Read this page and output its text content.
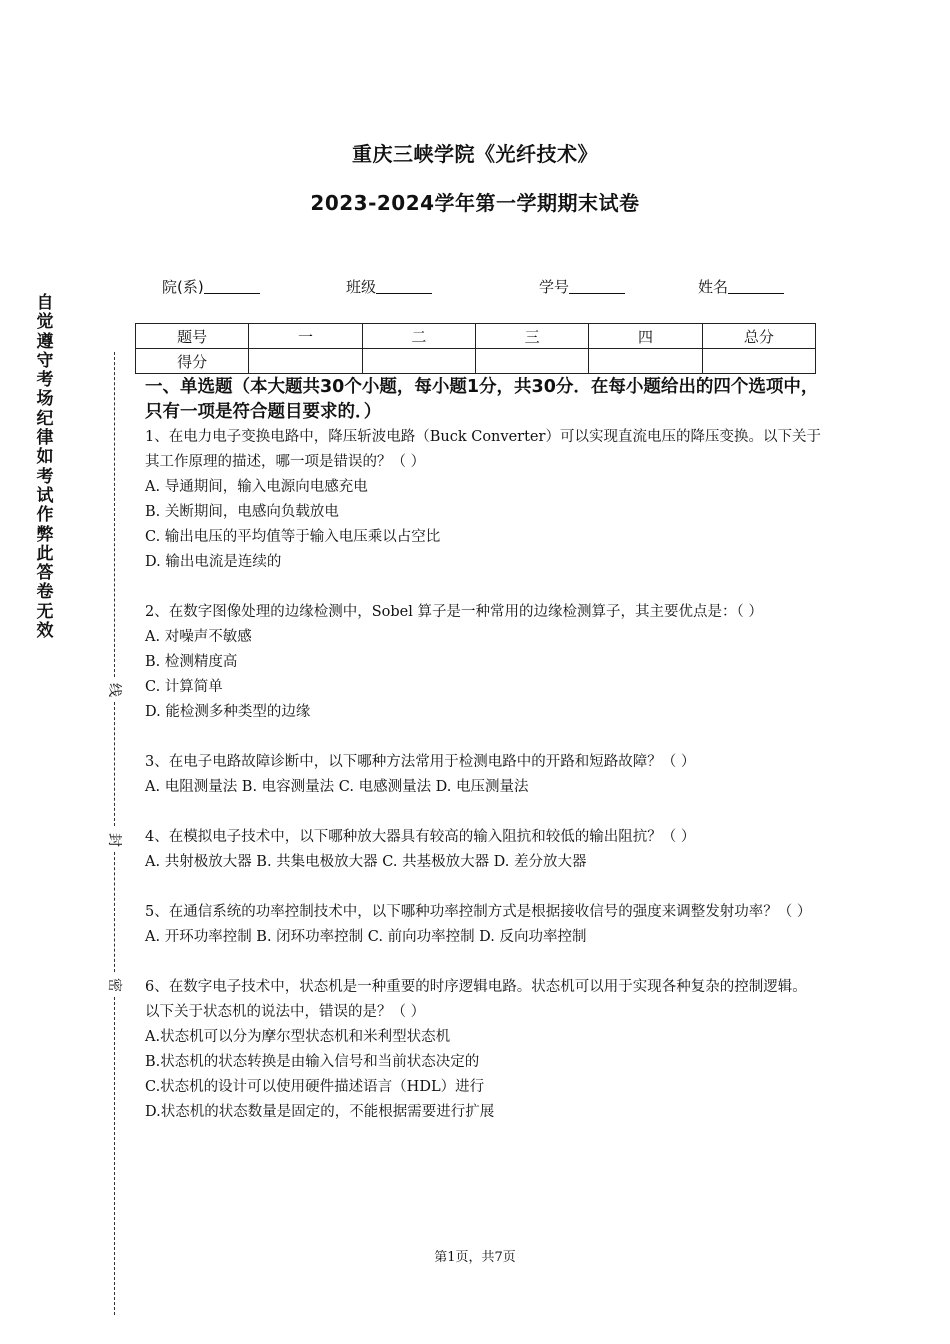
重庆三峡学院《光纤技术》
2023-2024学年第一学期期末试卷
自觉遵守考场纪律如考试作弊此答卷无效
线
封
密
院(系)	班级	学号	姓名
题号	一	二	三	四	总分
得分					

一、单选题（本大题共30个小题，每小题1分，共30分．在每小题给出的四个选项中，只有一项是符合题目要求的．）

1、在电力电子变换电路中，降压斩波电路（Buck Converter）可以实现直流电压的降压变换。以下关于其工作原理的描述，哪一项是错误的？（ ）

A. 导通期间，输入电源向电感充电

B. 关断期间，电感向负载放电

C. 输出电压的平均值等于输入电压乘以占空比

D. 输出电流是连续的

2、在数字图像处理的边缘检测中，Sobel 算子是一种常用的边缘检测算子，其主要优点是：（ ）

A. 对噪声不敏感

B. 检测精度高

C. 计算简单

D. 能检测多种类型的边缘

3、在电子电路故障诊断中，以下哪种方法常用于检测电路中的开路和短路故障？（ ）

A. 电阻测量法 B. 电容测量法 C. 电感测量法 D. 电压测量法

4、在模拟电子技术中，以下哪种放大器具有较高的输入阻抗和较低的输出阻抗？（ ）

A. 共射极放大器 B. 共集电极放大器 C. 共基极放大器 D. 差分放大器

5、在通信系统的功率控制技术中，以下哪种功率控制方式是根据接收信号的强度来调整发射功率？（ ）

A. 开环功率控制 B. 闭环功率控制 C. 前向功率控制 D. 反向功率控制

6、在数字电子技术中，状态机是一种重要的时序逻辑电路。状态机可以用于实现各种复杂的控制逻辑。以下关于状态机的说法中，错误的是？（ ）

A.状态机可以分为摩尔型状态机和米利型状态机

B.状态机的状态转换是由输入信号和当前状态决定的

C.状态机的设计可以使用硬件描述语言（HDL）进行

D.状态机的状态数量是固定的，不能根据需要进行扩展

第1页，共7页
